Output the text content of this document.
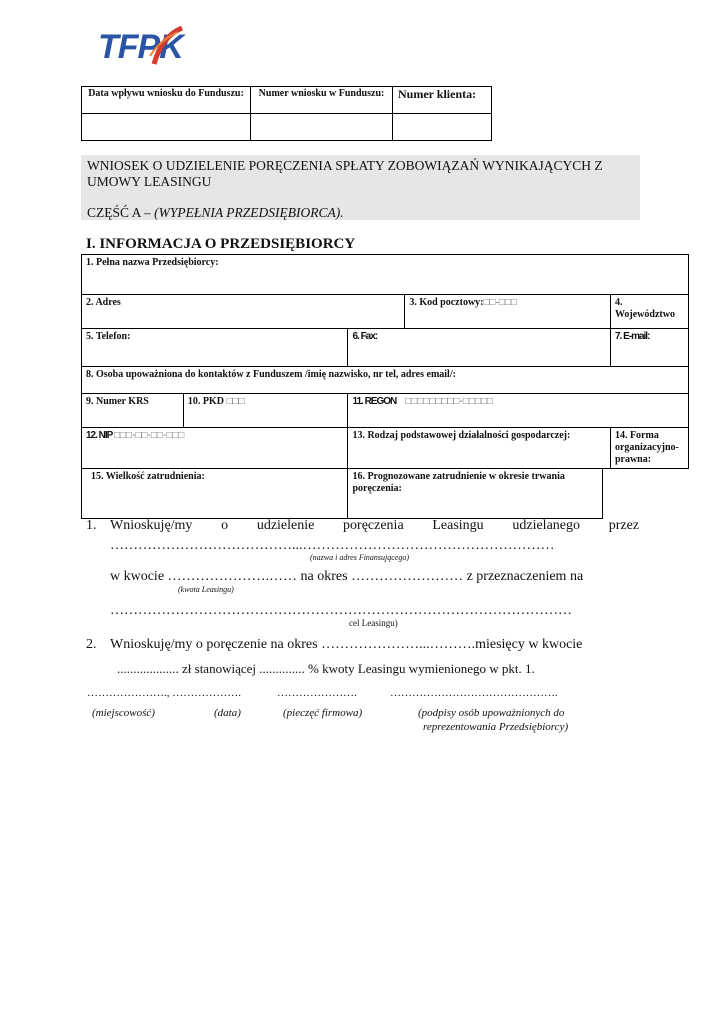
TFPK
Data wpływu wniosku do Funduszu:	Numer wniosku w Funduszu:	Numer klienta:

WNIOSEK O UDZIELENIE PORĘCZENIA SPŁATY ZOBOWIĄZAŃ WYNIKAJĄCYCH Z UMOWY LEASINGU
CZĘŚĆ A – (WYPEŁNIA PRZEDSIĘBIORCA).
I. INFORMACJA O PRZEDSIĘBIORCY
1. Pełna nazwa Przedsiębiorcy:					
2. Adres			3. Kod pocztowy:□□-□□□		4. Województwo
5. Telefon:		6. Fax:			7. E-mail:
8. Osoba upoważniona do kontaktów z Funduszem /imię nazwisko, nr tel, adres email/:					
9. Numer KRS	10. PKD □□□	11. REGON □□□□□□□□□-□□□□□			
12. NIP □□□-□□-□□-□□□		13. Rodzaj podstawowej działalności gospodarczej:			14. Forma organizacyjno-prawna:
15. Wielkość zatrudnienia:		16. Prognozowane zatrudnienie w okresie trwania poręczenia:			
1. Wnioskuję/my o udzielenie poręczenia Leasingu udzielanego przez
…………………………………...………………………………………………
(nazwa i adres Finansującego)
w kwocie ………………….…… na okres …………………… z przeznaczeniem na
(kwota Leasingu)
………………………………………………………………………………………
cel Leasingu)
2. Wnioskuję/my o poręczenie na okres …………………...……….miesięcy w kwocie
................... zł stanowiącej .............. % kwoty Leasingu wymienionego w pkt. 1.
…………………., ……………….	………………….	……………………………………….
(miejscowość)	(data)	(pieczęć firmowa)	(podpisy osób upoważnionych do
reprezentowania Przedsiębiorcy)
